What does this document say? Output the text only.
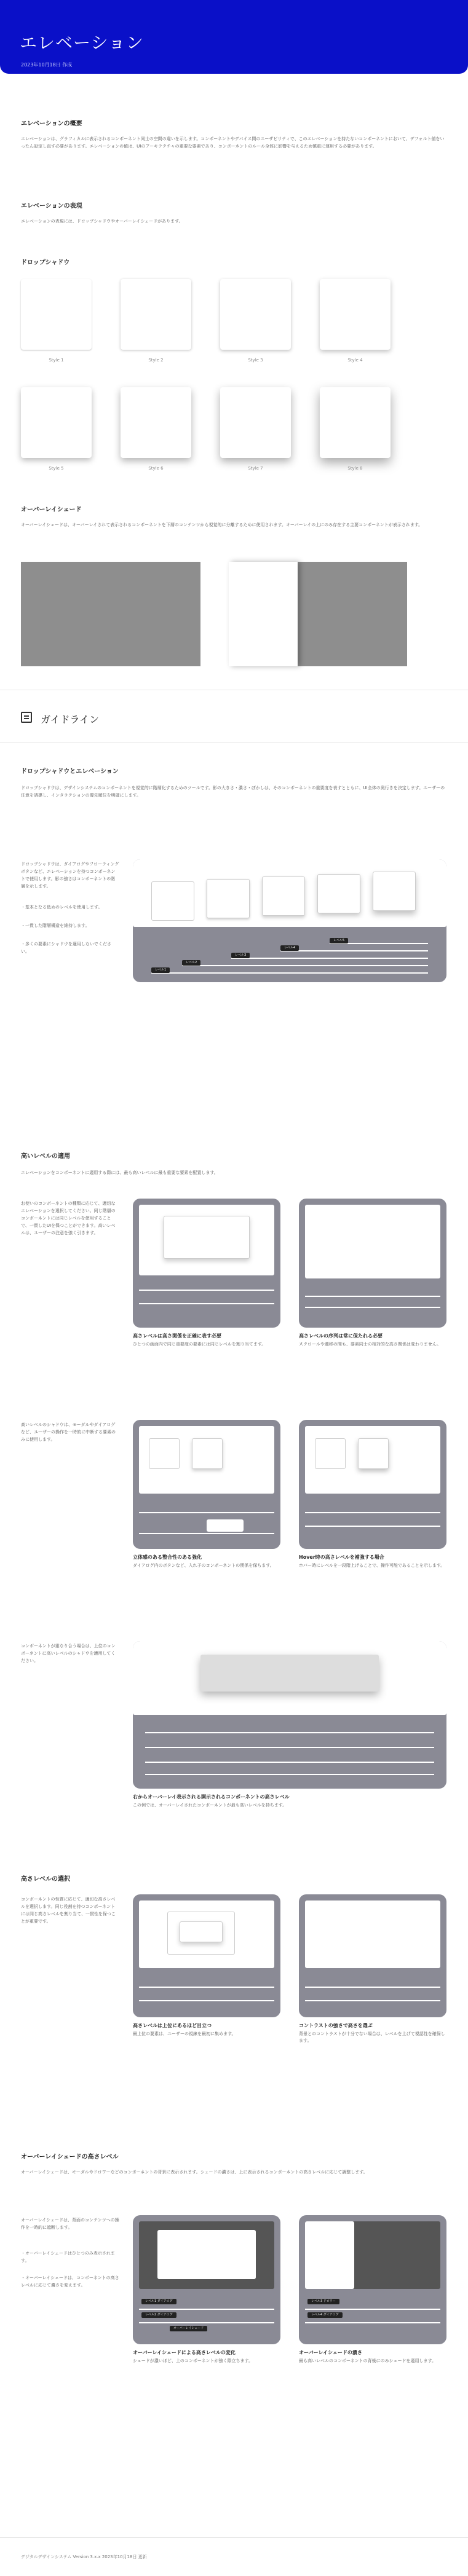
エレベーション
2023年10月18日 作成
エレベーションの概要
エレベーションは、グラフィカルに表示されるコンポーネント同士の空間の違いを示します。コンポーネントやデバイス間のユーザビリティで、このエレベーションを持たないコンポーネントにおいて、デフォルト値をいったん設定し直す必要があります。エレベーションの値は、UIのアーキテクチャの重要な要素であり、コンポーネントのルール全体に影響を与えるため慎重に運用する必要があります。
エレベーションの表現
エレベーションの表現には、ドロップシャドウやオーバーレイシェードがあります。
ドロップシャドウ
Style 1	Style 2	Style 3	Style 4
Style 5	Style 6	Style 7	Style 8
オーバーレイシェード
オーバーレイシェードは、オーバーレイされて表示されるコンポーネントを下層のコンテンツから視覚的に分離するために使用されます。オーバーレイの上にのみ存在する主要コンポーネントが表示されます。
ガイドライン
ドロップシャドウとエレベーション
ドロップシャドウは、デザインシステムのコンポーネントを視覚的に階層化するためのツールです。影の大きさ・濃さ・ぼかしは、そのコンポーネントの重要度を表すとともに、UI全体の奥行きを決定します。ユーザーの注意を誘導し、インタラクションの優先順位を明確にします。
ドロップシャドウは、ダイアログやフローティングボタンなど、エレベーションを持つコンポーネントで使用します。影の強さはコンポーネントの階層を示します。
・基本となる低めのレベルを使用します。
・一貫した階層構造を維持します。
・多くの要素にシャドウを適用しないでください。
レベル1
レベル2
レベル3
レベル4
レベル5
高いレベルの適用
エレベーションをコンポーネントに適用する際には、最も高いレベルに最も重要な要素を配置します。
お使いのコンポーネントの種類に応じて、適切なエレベーションを選択してください。同じ階層のコンポーネントには同じレベルを使用することで、一貫したUIを保つことができます。高いレベルは、ユーザーの注意を強く引きます。
高さレベルは高さ関係を正確に表す必要
ひとつの画面内で同じ重要度の要素には同じレベルを割り当てます。
高さレベルの序列は常に保たれる必要
スクロールや遷移の間も、要素同士の相対的な高さ関係は変わりません。
高いレベルのシャドウは、モーダルやダイアログなど、ユーザーの操作を一時的に中断する要素のみに使用します。
立体感のある整合性のある強化
ダイアログ内のボタンなど、入れ子のコンポーネントの関係を保ちます。
Hover時の高さレベルを補強する場合
ホバー時にレベルを一段階上げることで、操作可能であることを示します。
コンポーネントが重なり合う場合は、上位のコンポーネントに高いレベルのシャドウを適用してください。
右からオーバーレイ表示される開示されるコンポーネントの高さレベル
この例では、オーバーレイされたコンポーネントが最も高いレベルを持ちます。
高さレベルの選択
コンポーネントの性質に応じて、適切な高さレベルを選択します。同じ役割を持つコンポーネントには同じ高さレベルを割り当て、一貫性を保つことが重要です。
高さレベルは上位にあるほど目立つ
最上位の要素は、ユーザーの視線を最初に集めます。
コントラストの強さで高さを選ぶ
背景とのコントラストが十分でない場合は、レベルを上げて視認性を確保します。
オーバーレイシェードの高さレベル
オーバーレイシェードは、モーダルやドロワーなどのコンポーネントの背景に表示されます。シェードの濃さは、上に表示されるコンポーネントの高さレベルに応じて調整します。
オーバーレイシェードは、背面のコンテンツへの操作を一時的に遮断します。
・オーバーレイシェードはひとつのみ表示されます。
・オーバーレイシェードは、コンポーネントの高さレベルに応じて濃さを変えます。
レベル1 ダイアログ
レベル2 ダイアログ
オーバーレイシェード
オーバーレイシェードによる高さレベルの変化
シェードが濃いほど、上のコンポーネントが強く際立ちます。
レベル3 ドロワー
レベル4 ダイアログ
オーバーレイシェードの濃さ
最も高いレベルのコンポーネントの背後にのみシェードを適用します。
デジタルデザインシステム Version 3.x.x 2023年10月18日 更新
